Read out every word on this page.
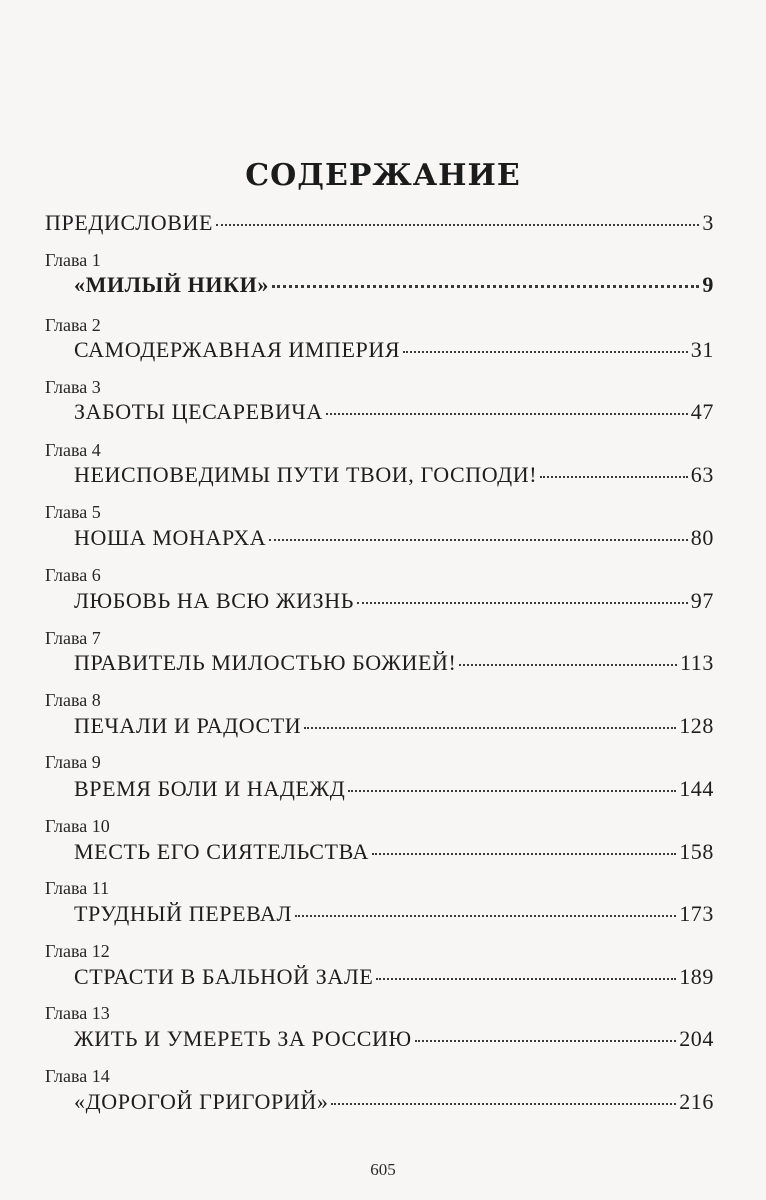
СОДЕРЖАНИЕ
ПРЕДИСЛОВИЕ	3
Глава 1
«МИЛЫЙ НИКИ»	9
Глава 2
САМОДЕРЖАВНАЯ ИМПЕРИЯ	31
Глава 3
ЗАБОТЫ ЦЕСАРЕВИЧА	47
Глава 4
НЕИСПОВЕДИМЫ ПУТИ ТВОИ, ГОСПОДИ!	63
Глава 5
НОША МОНАРХА	80
Глава 6
ЛЮБОВЬ НА ВСЮ ЖИЗНЬ	97
Глава 7
ПРАВИТЕЛЬ МИЛОСТЬЮ БОЖИЕЙ!	113
Глава 8
ПЕЧАЛИ И РАДОСТИ	128
Глава 9
ВРЕМЯ БОЛИ И НАДЕЖД	144
Глава 10
МЕСТЬ ЕГО СИЯТЕЛЬСТВА	158
Глава 11
ТРУДНЫЙ ПЕРЕВАЛ	173
Глава 12
СТРАСТИ В БАЛЬНОЙ ЗАЛЕ	189
Глава 13
ЖИТЬ И УМЕРЕТЬ ЗА РОССИЮ	204
Глава 14
«ДОРОГОЙ ГРИГОРИЙ»	216
605
